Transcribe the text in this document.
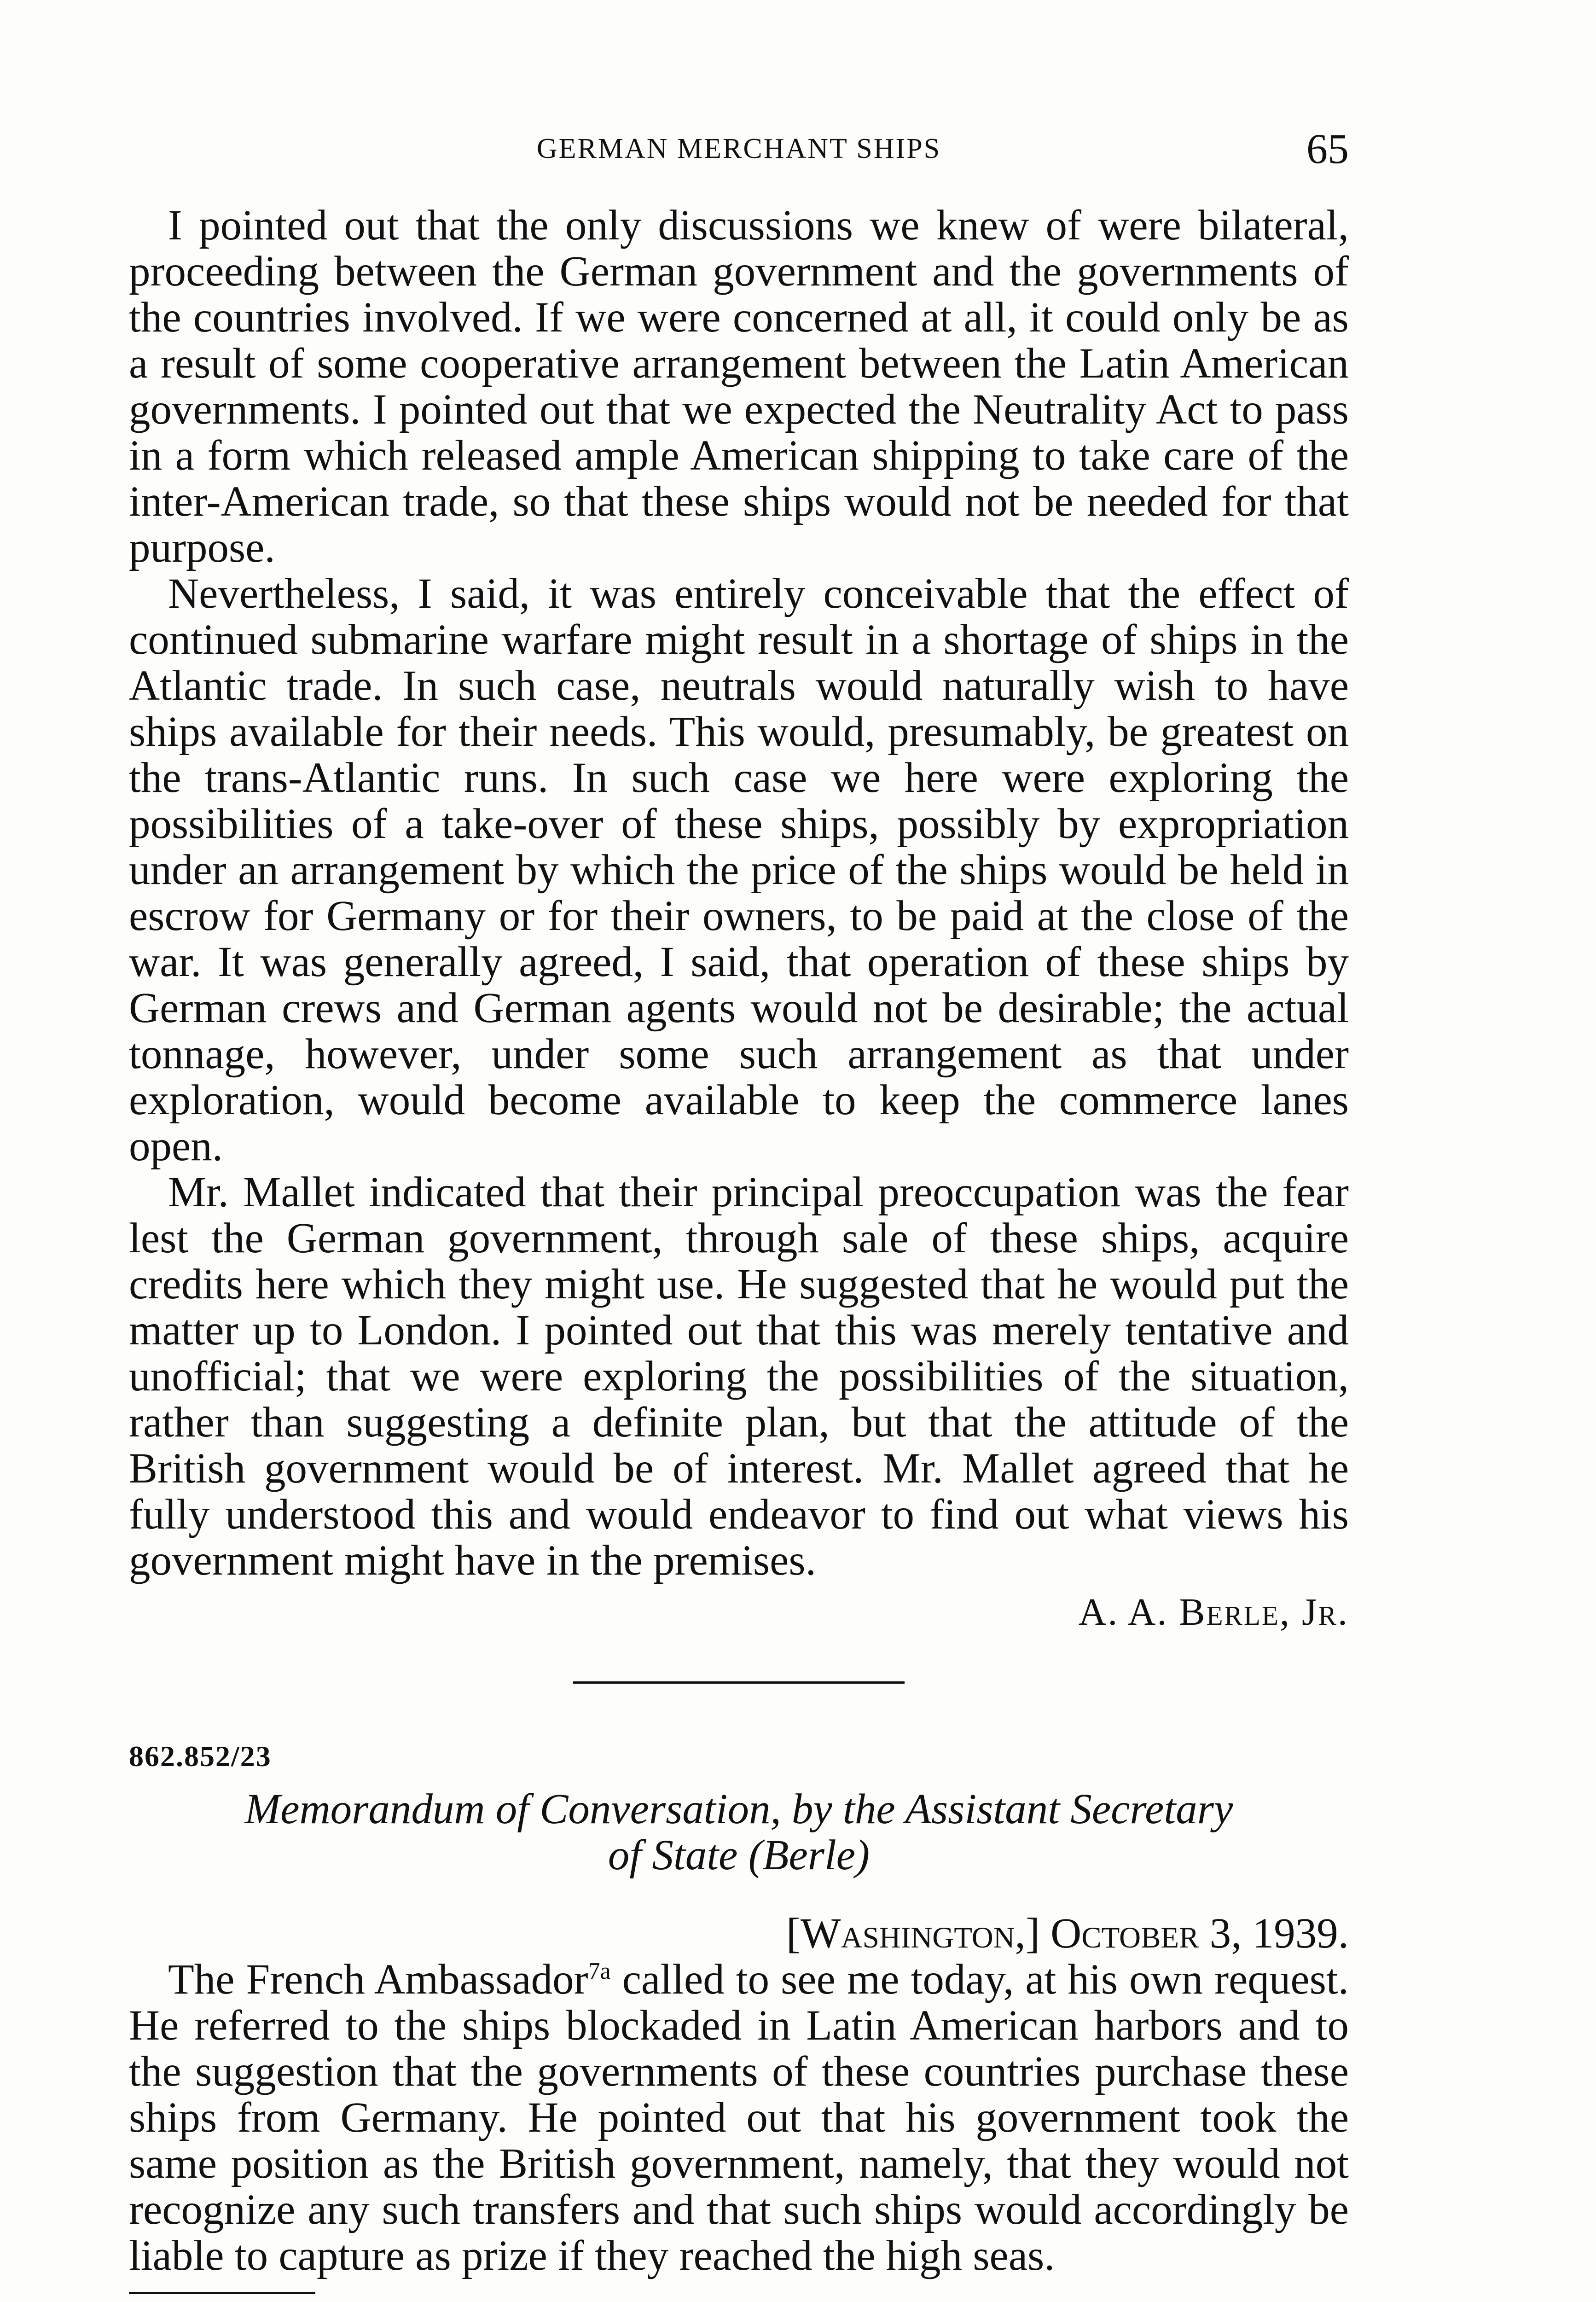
GERMAN MERCHANT SHIPS	65

I pointed out that the only discussions we knew of were bilateral, proceeding between the German government and the governments of the countries involved. If we were concerned at all, it could only be as a result of some cooperative arrangement between the Latin American governments. I pointed out that we expected the Neutrality Act to pass in a form which released ample American shipping to take care of the inter-American trade, so that these ships would not be needed for that purpose.

Nevertheless, I said, it was entirely conceivable that the effect of continued submarine warfare might result in a shortage of ships in the Atlantic trade. In such case, neutrals would naturally wish to have ships available for their needs. This would, presumably, be greatest on the trans-Atlantic runs. In such case we here were exploring the possibilities of a take-over of these ships, possibly by expropriation under an arrangement by which the price of the ships would be held in escrow for Germany or for their owners, to be paid at the close of the war. It was generally agreed, I said, that operation of these ships by German crews and German agents would not be desirable; the actual tonnage, however, under some such arrangement as that under exploration, would become available to keep the commerce lanes open.

Mr. Mallet indicated that their principal preoccupation was the fear lest the German government, through sale of these ships, acquire credits here which they might use. He suggested that he would put the matter up to London. I pointed out that this was merely tentative and unofficial; that we were exploring the possibilities of the situation, rather than suggesting a definite plan, but that the attitude of the British government would be of interest. Mr. Mallet agreed that he fully understood this and would endeavor to find out what views his government might have in the premises.

A. A. Berle, Jr.
862.852/23
Memorandum of Conversation, by the Assistant Secretary
of State (Berle)
[Washington,] October 3, 1939.

The French Ambassador$^{7a}$ called to see me today, at his own request. He referred to the ships blockaded in Latin American harbors and to the suggestion that the governments of these countries purchase these ships from Germany. He pointed out that his government took the same position as the British government, namely, that they would not recognize any such transfers and that such ships would accordingly be liable to capture as prize if they reached the high seas.
